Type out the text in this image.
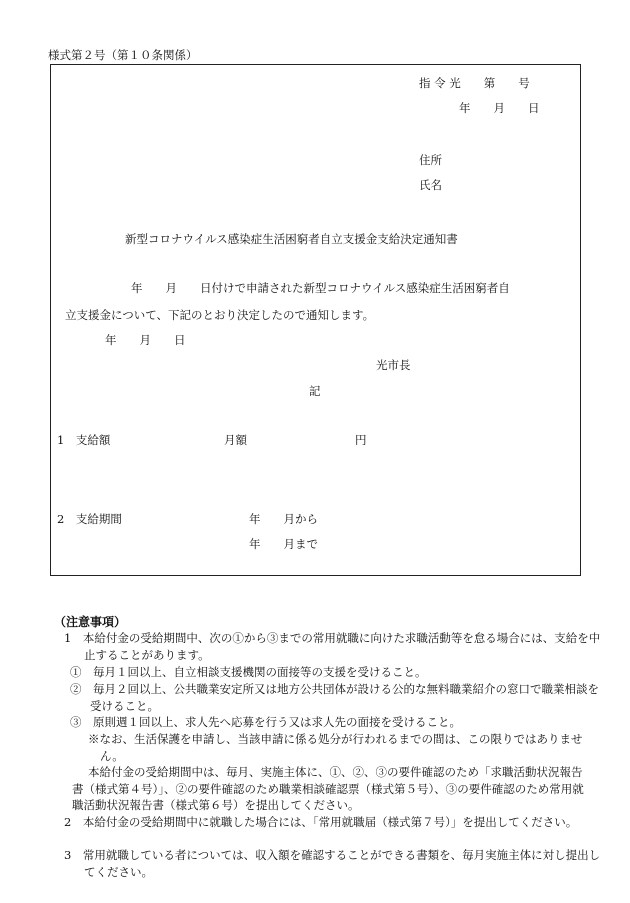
様式第２号（第１０条関係）
指 令 光　　第　　号
年　　月　　日
住所
氏名
新型コロナウイルス感染症生活困窮者自立支援金支給決定通知書
年　　月　　日付けで申請された新型コロナウイルス感染症生活困窮者自
立支援金について、下記のとおり決定したので通知します。
年　　月　　日
光市長
記
1　支給額	月額	円
2　支給期間	年　　月から
年　　月まで
（注意事項）
1　本給付金の受給期間中、次の①から③までの常用就職に向けた求職活動等を怠る場合には、支給を中止することがあります。
①　毎月１回以上、自立相談支援機関の面接等の支援を受けること。
②　毎月２回以上、公共職業安定所又は地方公共団体が設ける公的な無料職業紹介の窓口で職業相談を受けること。
③　原則週１回以上、求人先へ応募を行う又は求人先の面接を受けること。
※なお、生活保護を申請し、当該申請に係る処分が行われるまでの間は、この限りではありません。
本給付金の受給期間中は、毎月、実施主体に、①、②、③の要件確認のため「求職活動状況報告書（様式第４号）」、②の要件確認のため職業相談確認票（様式第５号）、③の要件確認のため常用就職活動状況報告書（様式第６号）を提出してください。
2　本給付金の受給期間中に就職した場合には、「常用就職届（様式第７号）」を提出してください。
3　常用就職している者については、収入額を確認することができる書類を、毎月実施主体に対し提出してください。
